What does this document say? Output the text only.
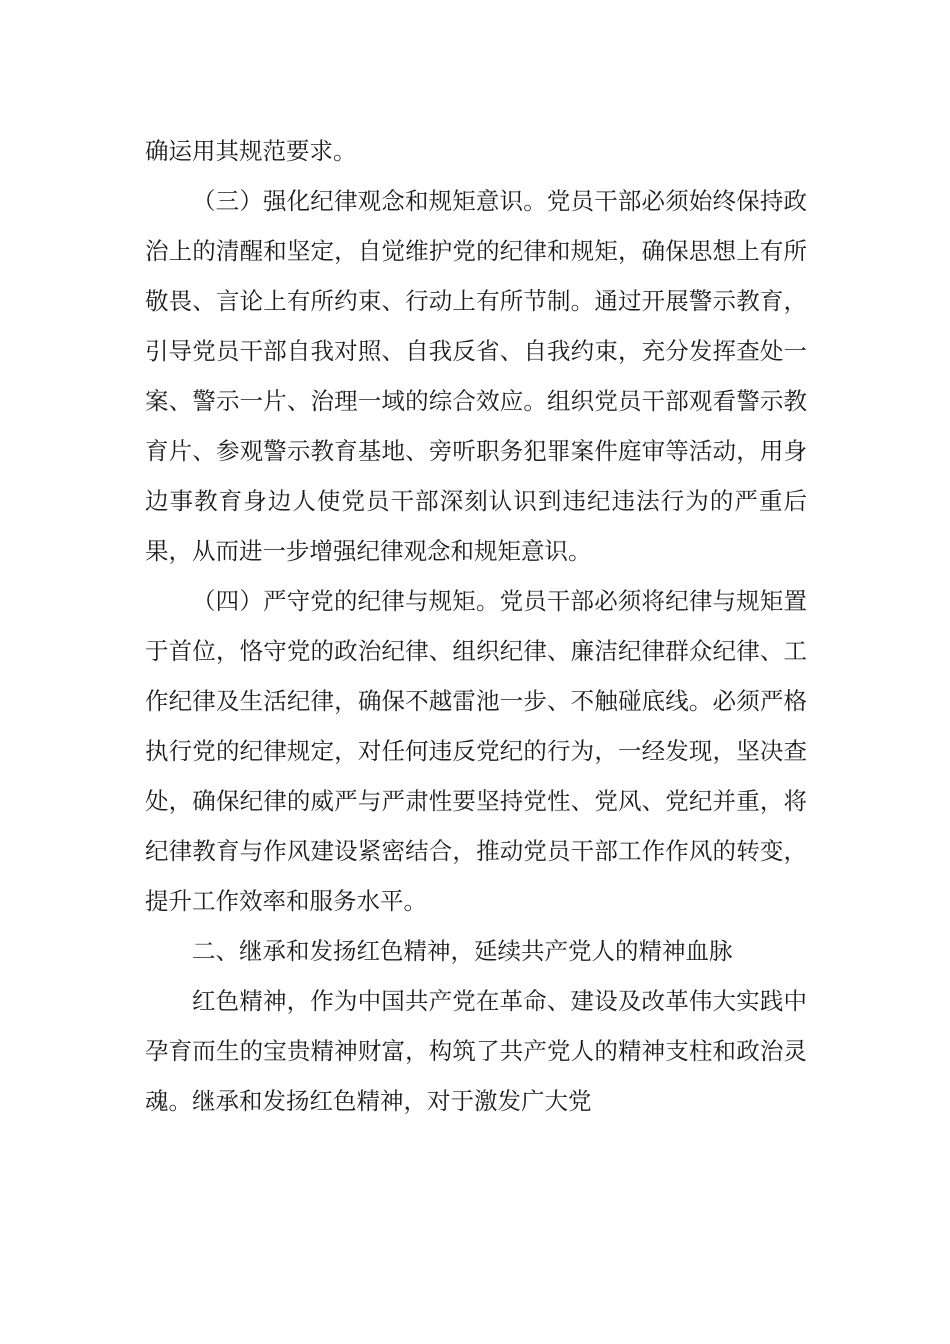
确运用其规范要求。

（三）强化纪律观念和规矩意识。党员干部必须始终保持政治上的清醒和坚定，自觉维护党的纪律和规矩，确保思想上有所敬畏、言论上有所约束、行动上有所节制。通过开展警示教育，引导党员干部自我对照、自我反省、自我约束，充分发挥查处一案、警示一片、治理一域的综合效应。组织党员干部观看警示教育片、参观警示教育基地、旁听职务犯罪案件庭审等活动，用身边事教育身边人使党员干部深刻认识到违纪违法行为的严重后果，从而进一步增强纪律观念和规矩意识。

（四）严守党的纪律与规矩。党员干部必须将纪律与规矩置于首位，恪守党的政治纪律、组织纪律、廉洁纪律群众纪律、工作纪律及生活纪律，确保不越雷池一步、不触碰底线。必须严格执行党的纪律规定，对任何违反党纪的行为，一经发现，坚决查处，确保纪律的威严与严肃性要坚持党性、党风、党纪并重，将纪律教育与作风建设紧密结合，推动党员干部工作作风的转变，提升工作效率和服务水平。

二、继承和发扬红色精神，延续共产党人的精神血脉

红色精神，作为中国共产党在革命、建设及改革伟大实践中孕育而生的宝贵精神财富，构筑了共产党人的精神支柱和政治灵魂。继承和发扬红色精神，对于激发广大党
